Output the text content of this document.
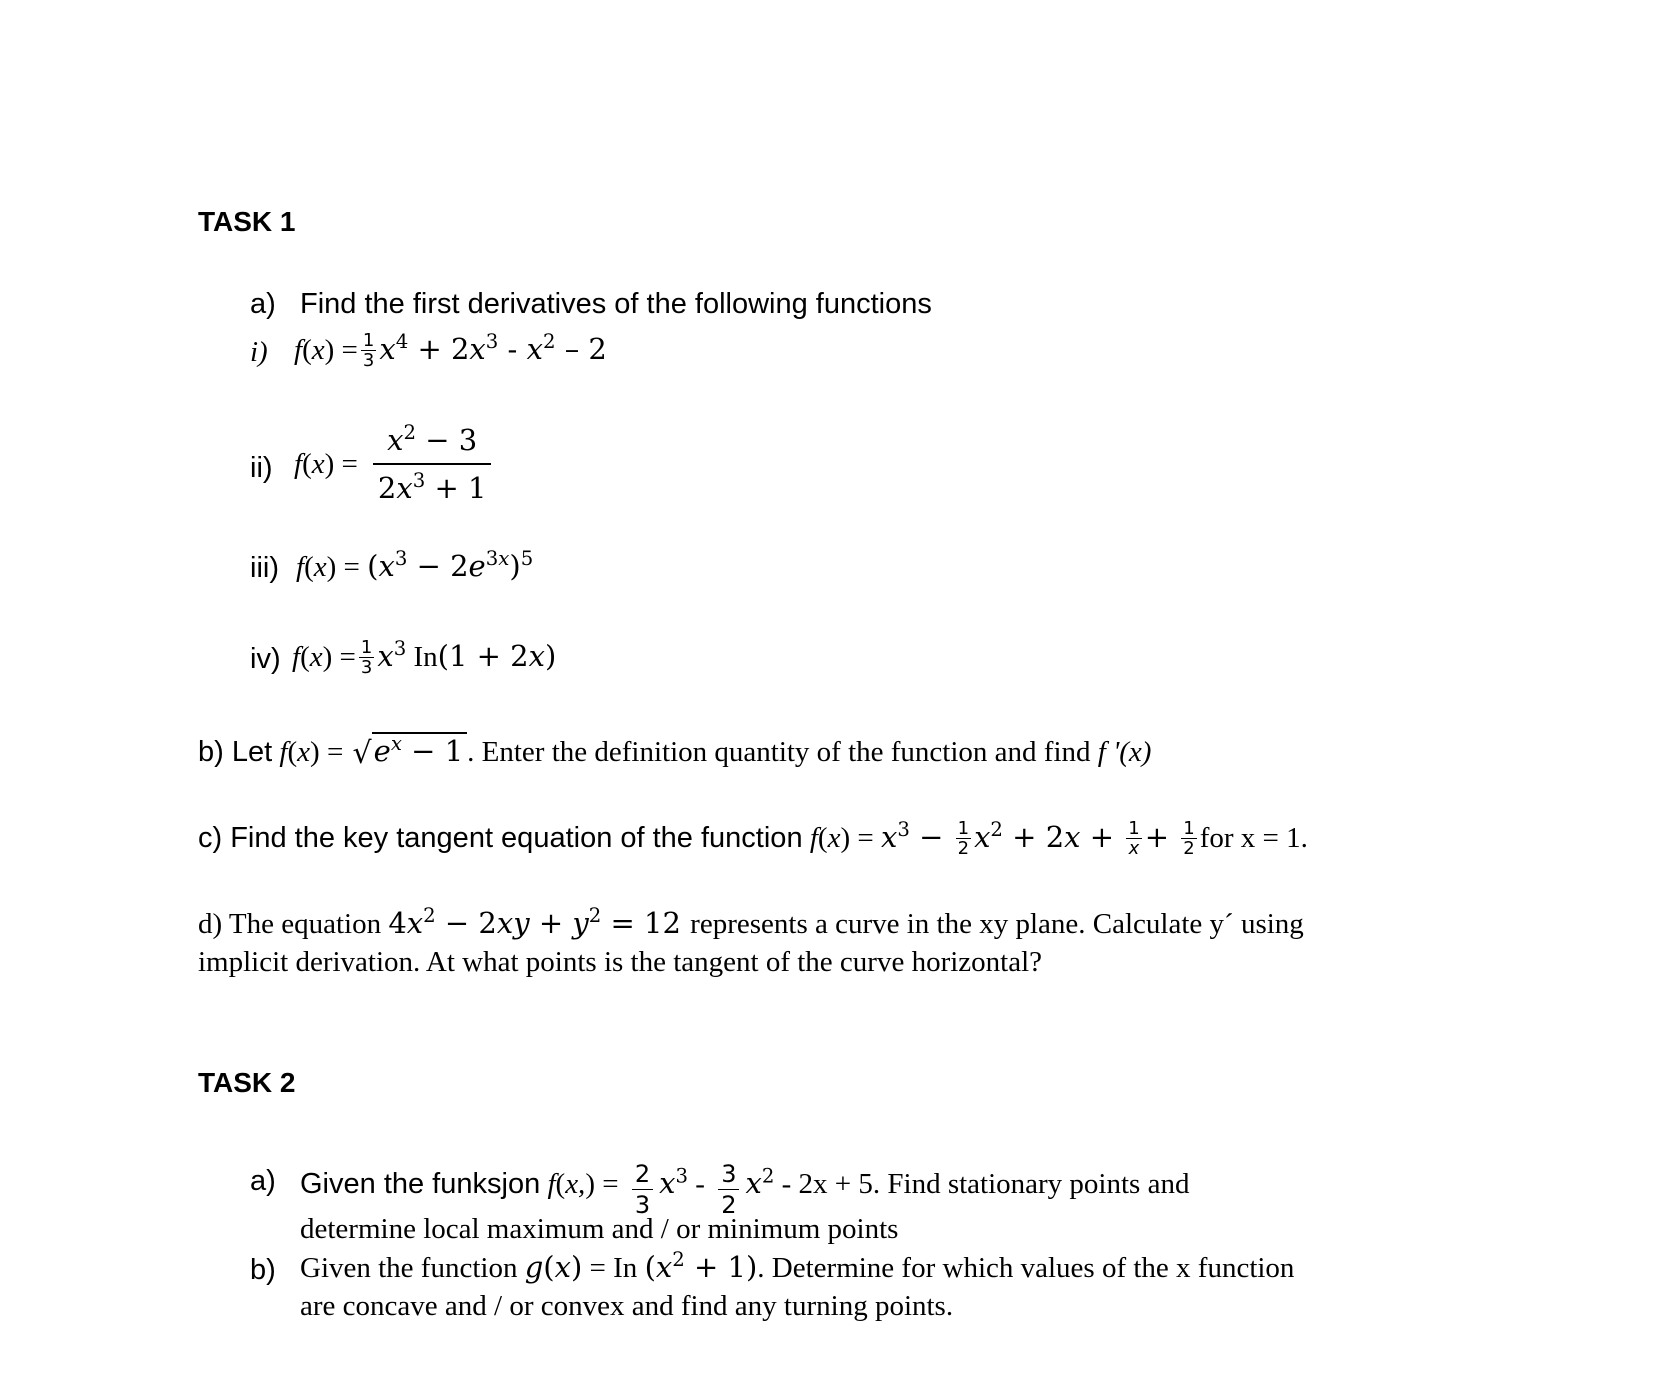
TASK 1
a) Find the first derivatives of the following functions
i) $f(x) = \frac{1}{3} x^4 + 2x^3 - x^2 - 2$
ii) $f(x) = \frac{x^2 - 3}{2x^3 + 1}$
iii) $f(x) = (x^3 - 2e^{3x})^5$
iv) $f(x) = \frac{1}{3} x^3$ In(1 + 2x)
b) Let $f(x) = √e^x - 1$ . Enter the definition quantity of the function and find f '(x)
c) Find the key tangent equation of the function $f(x) = x^3 - \frac{1}{2} x^2 + 2x + \frac{1}{x} + \frac{1}{2}$ for x = 1.
d) The equation $4x^2 - 2xy + y^2 = 12$ represents a curve in the xy plane. Calculate y´ using
implicit derivation. At what points is the tangent of the curve horizontal?
TASK 2
a) Given the funksjon $f(x,) = \frac{2}{3} x^3 - \frac{3}{2} x^2 - 2x + 5$. Find stationary points and
determine local maximum and / or minimum points
b) Given the function g(x) = In $(x^2 + 1)$. Determine for which values of the x function
are concave and / or convex and find any turning points.
